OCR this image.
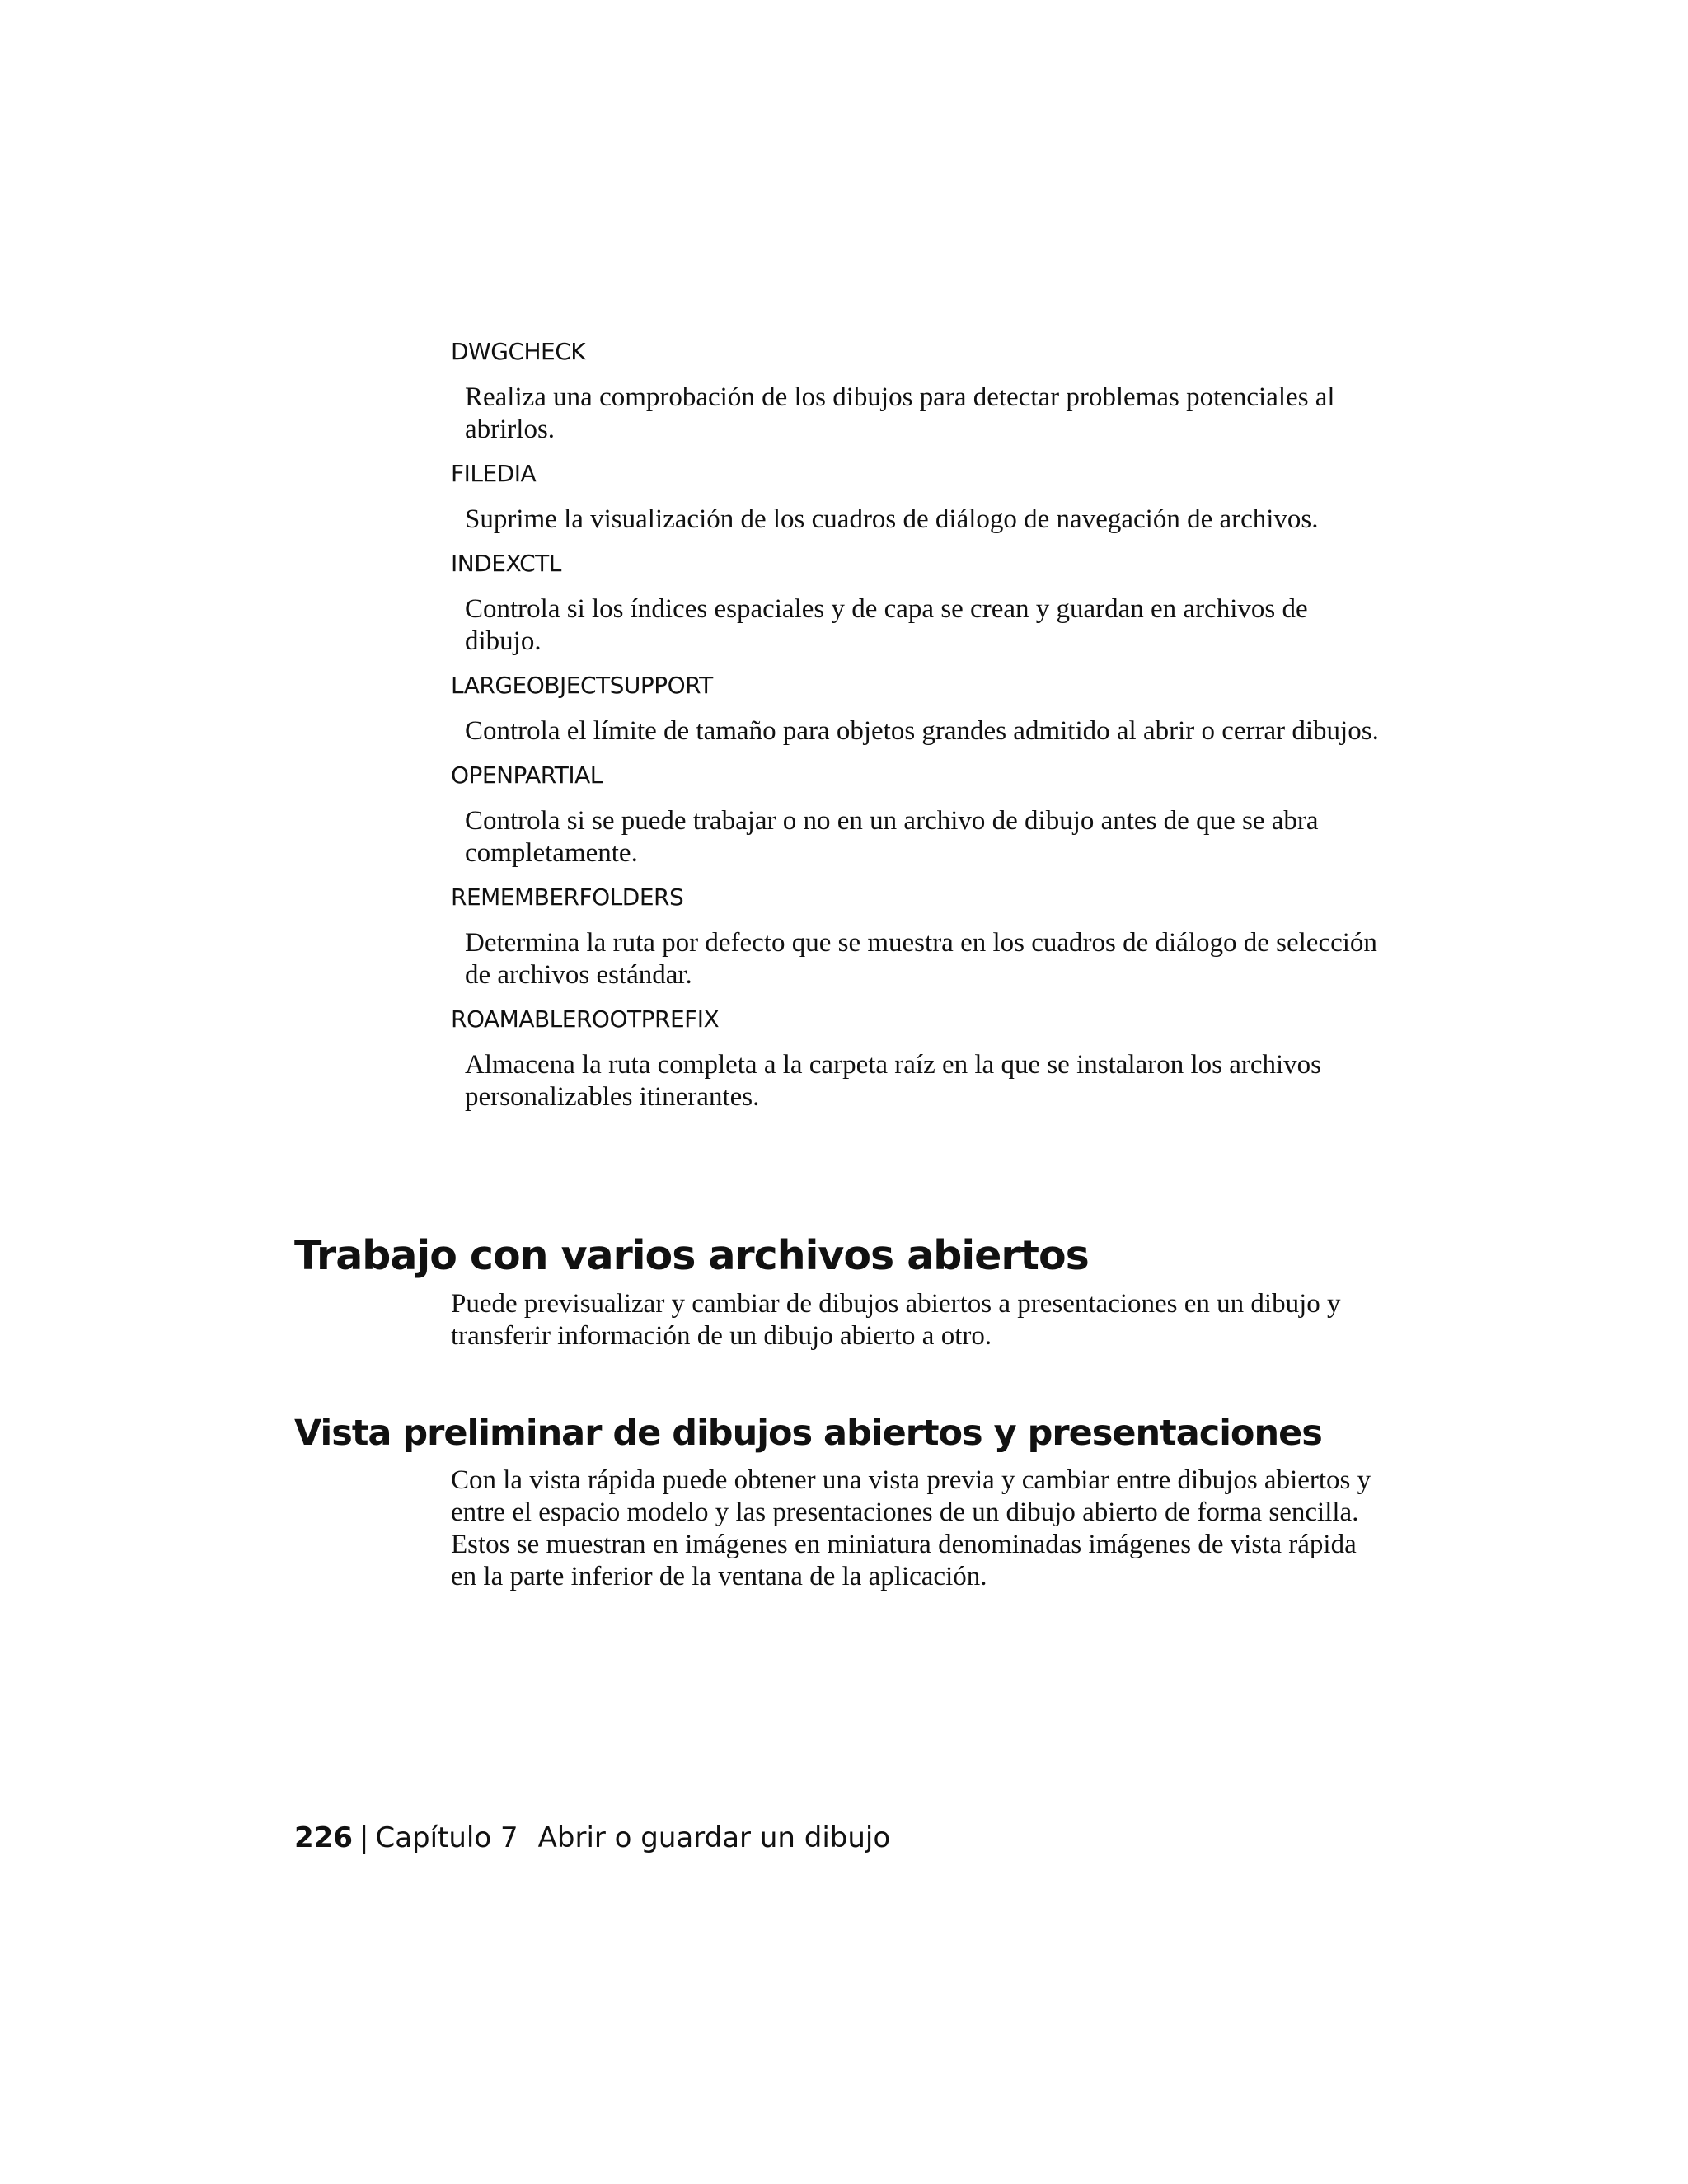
DWGCHECK
Realiza una comprobación de los dibujos para detectar problemas potenciales al abrirlos.
FILEDIA
Suprime la visualización de los cuadros de diálogo de navegación de archivos.
INDEXCTL
Controla si los índices espaciales y de capa se crean y guardan en archivos de dibujo.
LARGEOBJECTSUPPORT
Controla el límite de tamaño para objetos grandes admitido al abrir o cerrar dibujos.
OPENPARTIAL
Controla si se puede trabajar o no en un archivo de dibujo antes de que se abra completamente.
REMEMBERFOLDERS
Determina la ruta por defecto que se muestra en los cuadros de diálogo de selección de archivos estándar.
ROAMABLEROOTPREFIX
Almacena la ruta completa a la carpeta raíz en la que se instalaron los archivos personalizables itinerantes.
Trabajo con varios archivos abiertos

Puede previsualizar y cambiar de dibujos abiertos a presentaciones en un dibujo y transferir información de un dibujo abierto a otro.

Vista preliminar de dibujos abiertos y presentaciones

Con la vista rápida puede obtener una vista previa y cambiar entre dibujos abiertos y entre el espacio modelo y las presentaciones de un dibujo abierto de forma sencilla. Estos se muestran en imágenes en miniatura denominadas imágenes de vista rápida en la parte inferior de la ventana de la aplicación.

226 | Capítulo 7 Abrir o guardar un dibujo
